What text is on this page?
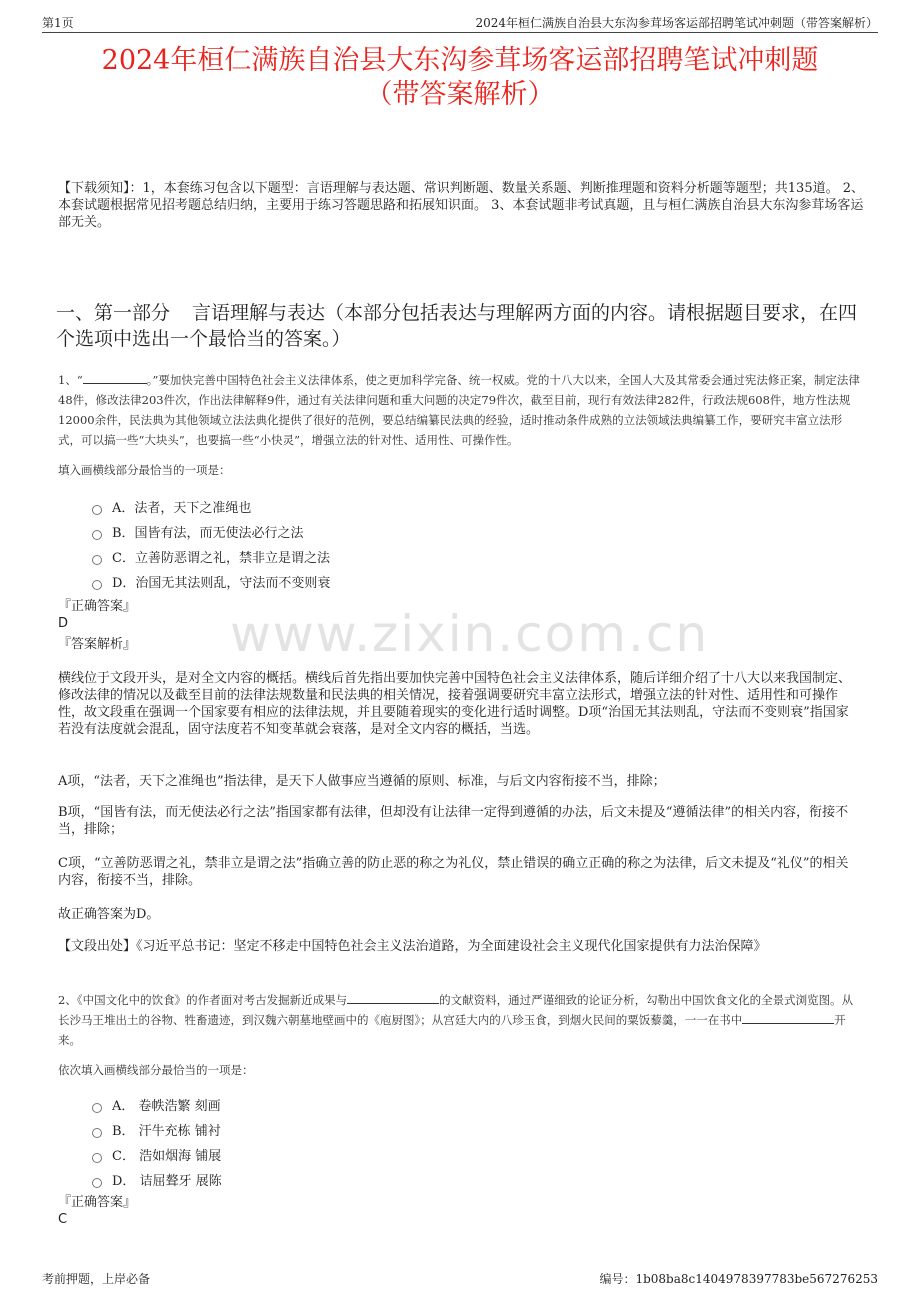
第1页	2024年桓仁满族自治县大东沟参茸场客运部招聘笔试冲刺题（带答案解析）
2024年桓仁满族自治县大东沟参茸场客运部招聘笔试冲刺题
（带答案解析）
【下载须知】：1，本套练习包含以下题型：言语理解与表达题、常识判断题、数量关系题、判断推理题和资料分析题等题型；共135道。 2、本套试题根据常见招考题总结归纳，主要用于练习答题思路和拓展知识面。 3、本套试题非考试真题，且与桓仁满族自治县大东沟参茸场客运部无关。
一、第一部分 言语理解与表达（本部分包括表达与理解两方面的内容。请根据题目要求，在四个选项中选出一个最恰当的答案。）
1、“	。”要加快完善中国特色社会主义法律体系，使之更加科学完备、统一权威。党的十八大以来，全国人大及其常委会通过宪法修正案，制定法律48件，修改法律203件次，作出法律解释9件，通过有关法律问题和重大问题的决定79件次，截至目前，现行有效法律282件，行政法规608件，地方性法规12000余件，民法典为其他领域立法法典化提供了很好的范例，要总结编纂民法典的经验，适时推动条件成熟的立法领域法典编纂工作，要研究丰富立法形式，可以搞一些“大块头”，也要搞一些“小快灵”，增强立法的针对性、适用性、可操作性。
填入画横线部分最恰当的一项是：
A．法者，天下之准绳也
B．国皆有法，而无使法必行之法
C．立善防恶谓之礼，禁非立是谓之法
D．治国无其法则乱，守法而不变则衰
『正确答案』
D
『答案解析』 www.zixin.com.cn
横线位于文段开头，是对全文内容的概括。横线后首先指出要加快完善中国特色社会主义法律体系，随后详细介绍了十八大以来我国制定、修改法律的情况以及截至目前的法律法规数量和民法典的相关情况，接着强调要研究丰富立法形式，增强立法的针对性、适用性和可操作性，故文段重在强调一个国家要有相应的法律法规，并且要随着现实的变化进行适时调整。D项“治国无其法则乱，守法而不变则衰”指国家若没有法度就会混乱，固守法度若不知变革就会衰落，是对全文内容的概括，当选。
A项，“法者，天下之准绳也”指法律，是天下人做事应当遵循的原则、标准，与后文内容衔接不当，排除；
B项，“国皆有法，而无使法必行之法”指国家都有法律，但却没有让法律一定得到遵循的办法，后文未提及“遵循法律”的相关内容，衔接不当，排除；
C项，“立善防恶谓之礼，禁非立是谓之法”指确立善的防止恶的称之为礼仪，禁止错误的确立正确的称之为法律，后文未提及“礼仪”的相关内容，衔接不当，排除。
故正确答案为D。
【文段出处】《习近平总书记：坚定不移走中国特色社会主义法治道路，为全面建设社会主义现代化国家提供有力法治保障》
2、《中国文化中的饮食》的作者面对考古发掘新近成果与	的文献资料，通过严谨细致的论证分析，勾勒出中国饮食文化的全景式浏览图。从长沙马王堆出土的谷物、牲畜遗迹，到汉魏六朝墓地壁画中的《庖厨图》；从宫廷大内的八珍玉食，到烟火民间的粟饭藜羹，一一在书中	开来。
依次填入画横线部分最恰当的一项是：
A． 卷帙浩繁 刻画
B． 汗牛充栋 铺衬
C． 浩如烟海 铺展
D． 诘屈聱牙 展陈
『正确答案』
C
考前押题，上岸必备	编号：1b08ba8c1404978397783be567276253
